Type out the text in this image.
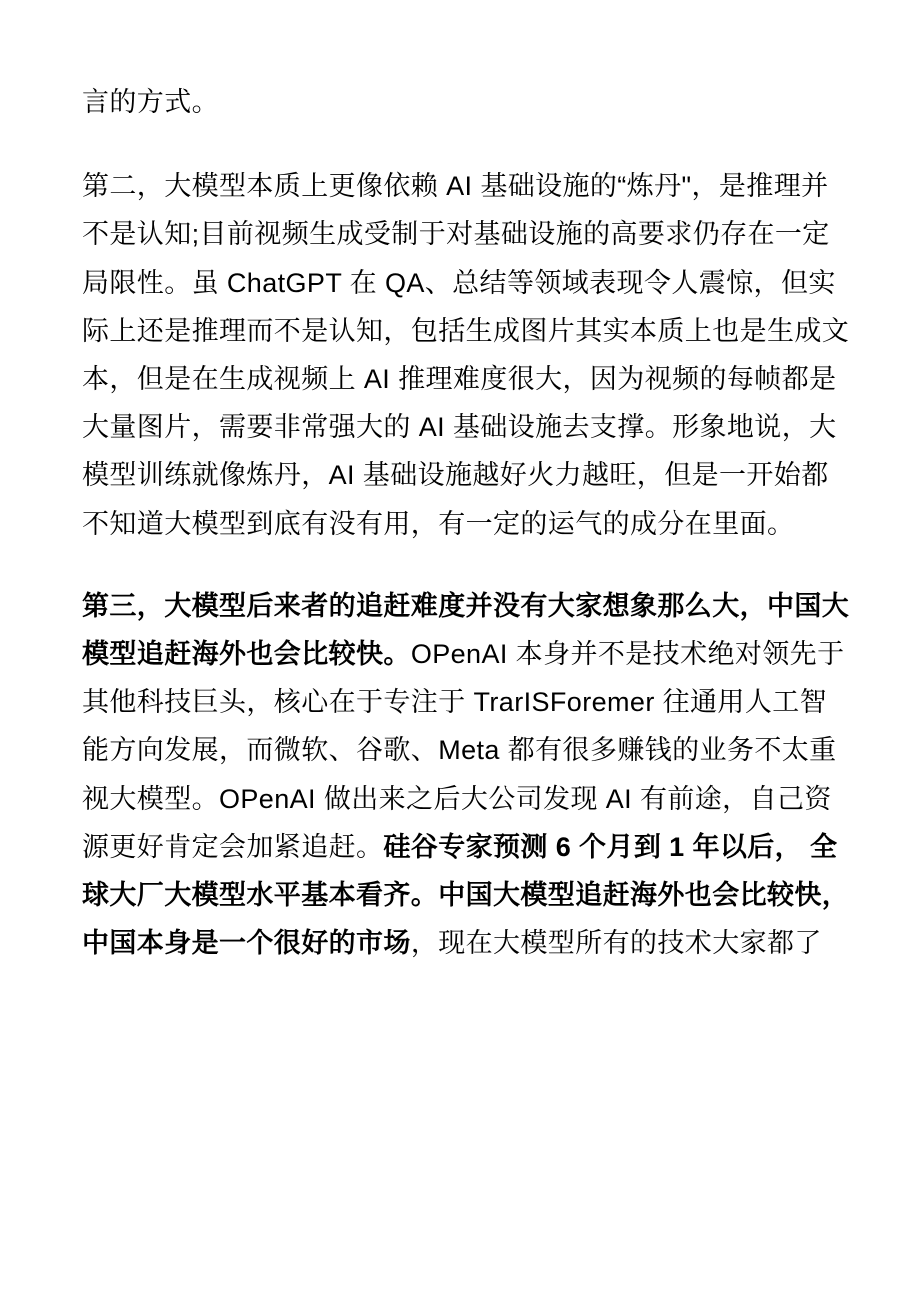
言的方式。

第二，大模型本质上更像依赖 AI 基础设施的“炼丹"，是推理并不是认知;目前视频生成受制于对基础设施的高要求仍存在一定局限性。虽 ChatGPT 在 QA、总结等领域表现令人震惊，但实际上还是推理而不是认知，包括生成图片其实本质上也是生成文本，但是在生成视频上 AI 推理难度很大，因为视频的每帧都是大量图片，需要非常强大的 AI 基础设施去支撑。形象地说，大模型训练就像炼丹，AI 基础设施越好火力越旺，但是一开始都不知道大模型到底有没有用，有一定的运气的成分在里面。

第三，大模型后来者的追赶难度并没有大家想象那么大，中国大模型追赶海外也会比较快。OPenAI 本身并不是技术绝对领先于其他科技巨头，核心在于专注于 TrarISForemer 往通用人工智能方向发展，而微软、谷歌、Meta 都有很多赚钱的业务不太重视大模型。OPenAI 做出来之后大公司发现 AI 有前途，自己资源更好肯定会加紧追赶。硅谷专家预测 6 个月到 1 年以后， 全球大厂大模型水平基本看齐。中国大模型追赶海外也会比较快，中国本身是一个很好的市场，现在大模型所有的技术大家都了
